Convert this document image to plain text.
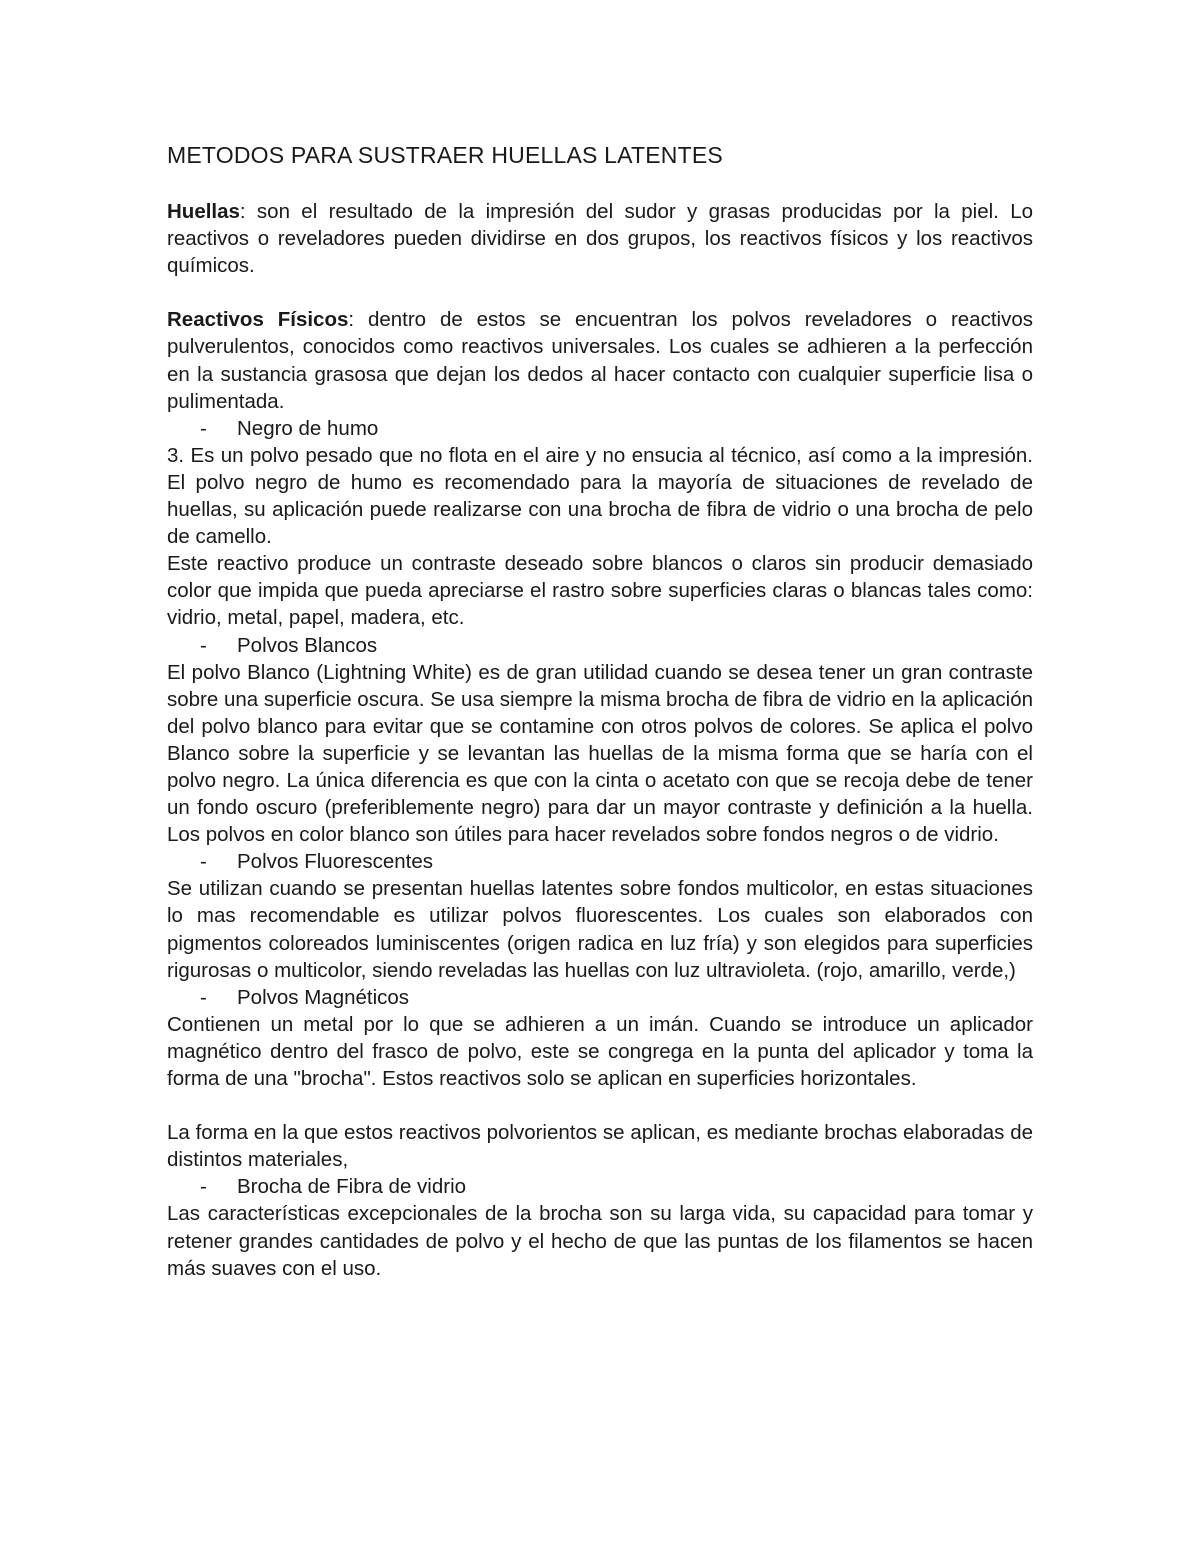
METODOS PARA SUSTRAER HUELLAS LATENTES

Huellas: son el resultado de la impresión del sudor y grasas producidas por la piel. Lo reactivos o reveladores pueden dividirse en dos grupos, los reactivos físicos y los reactivos químicos.

Reactivos Físicos: dentro de estos se encuentran los polvos reveladores o reactivos pulverulentos, conocidos como reactivos universales. Los cuales se adhieren a la perfección en la sustancia grasosa que dejan los dedos al hacer contacto con cualquier superficie lisa o pulimentada.

-	Negro de humo

3. Es un polvo pesado que no flota en el aire y no ensucia al técnico, así como a la impresión. El polvo negro de humo es recomendado para la mayoría de situaciones de revelado de huellas, su aplicación puede realizarse con una brocha de fibra de vidrio o una brocha de pelo de camello.

Este reactivo produce un contraste deseado sobre blancos o claros sin producir demasiado color que impida que pueda apreciarse el rastro sobre superficies claras o blancas tales como: vidrio, metal, papel, madera, etc.

-	Polvos Blancos

El polvo Blanco (Lightning White) es de gran utilidad cuando se desea tener un gran contraste sobre una superficie oscura. Se usa siempre la misma brocha de fibra de vidrio en la aplicación del polvo blanco para evitar que se contamine con otros polvos de colores. Se aplica el polvo Blanco sobre la superficie y se levantan las huellas de la misma forma que se haría con el polvo negro. La única diferencia es que con la cinta o acetato con que se recoja debe de tener un fondo oscuro (preferiblemente negro) para dar un mayor contraste y definición a la huella. Los polvos en color blanco son útiles para hacer revelados sobre fondos negros o de vidrio.

-	Polvos Fluorescentes

Se utilizan cuando se presentan huellas latentes sobre fondos multicolor, en estas situaciones lo mas recomendable es utilizar polvos fluorescentes. Los cuales son elaborados con pigmentos coloreados luminiscentes (origen radica en luz fría) y son elegidos para superficies rigurosas o multicolor, siendo reveladas las huellas con luz ultravioleta. (rojo, amarillo, verde,)

-	Polvos Magnéticos

Contienen un metal por lo que se adhieren a un imán. Cuando se introduce un aplicador magnético dentro del frasco de polvo, este se congrega en la punta del aplicador y toma la forma de una "brocha". Estos reactivos solo se aplican en superficies horizontales.

La forma en la que estos reactivos polvorientos se aplican, es mediante brochas elaboradas de distintos materiales,

-	Brocha de Fibra de vidrio

Las características excepcionales de la brocha son su larga vida, su capacidad para tomar y retener grandes cantidades de polvo y el hecho de que las puntas de los filamentos se hacen más suaves con el uso.
